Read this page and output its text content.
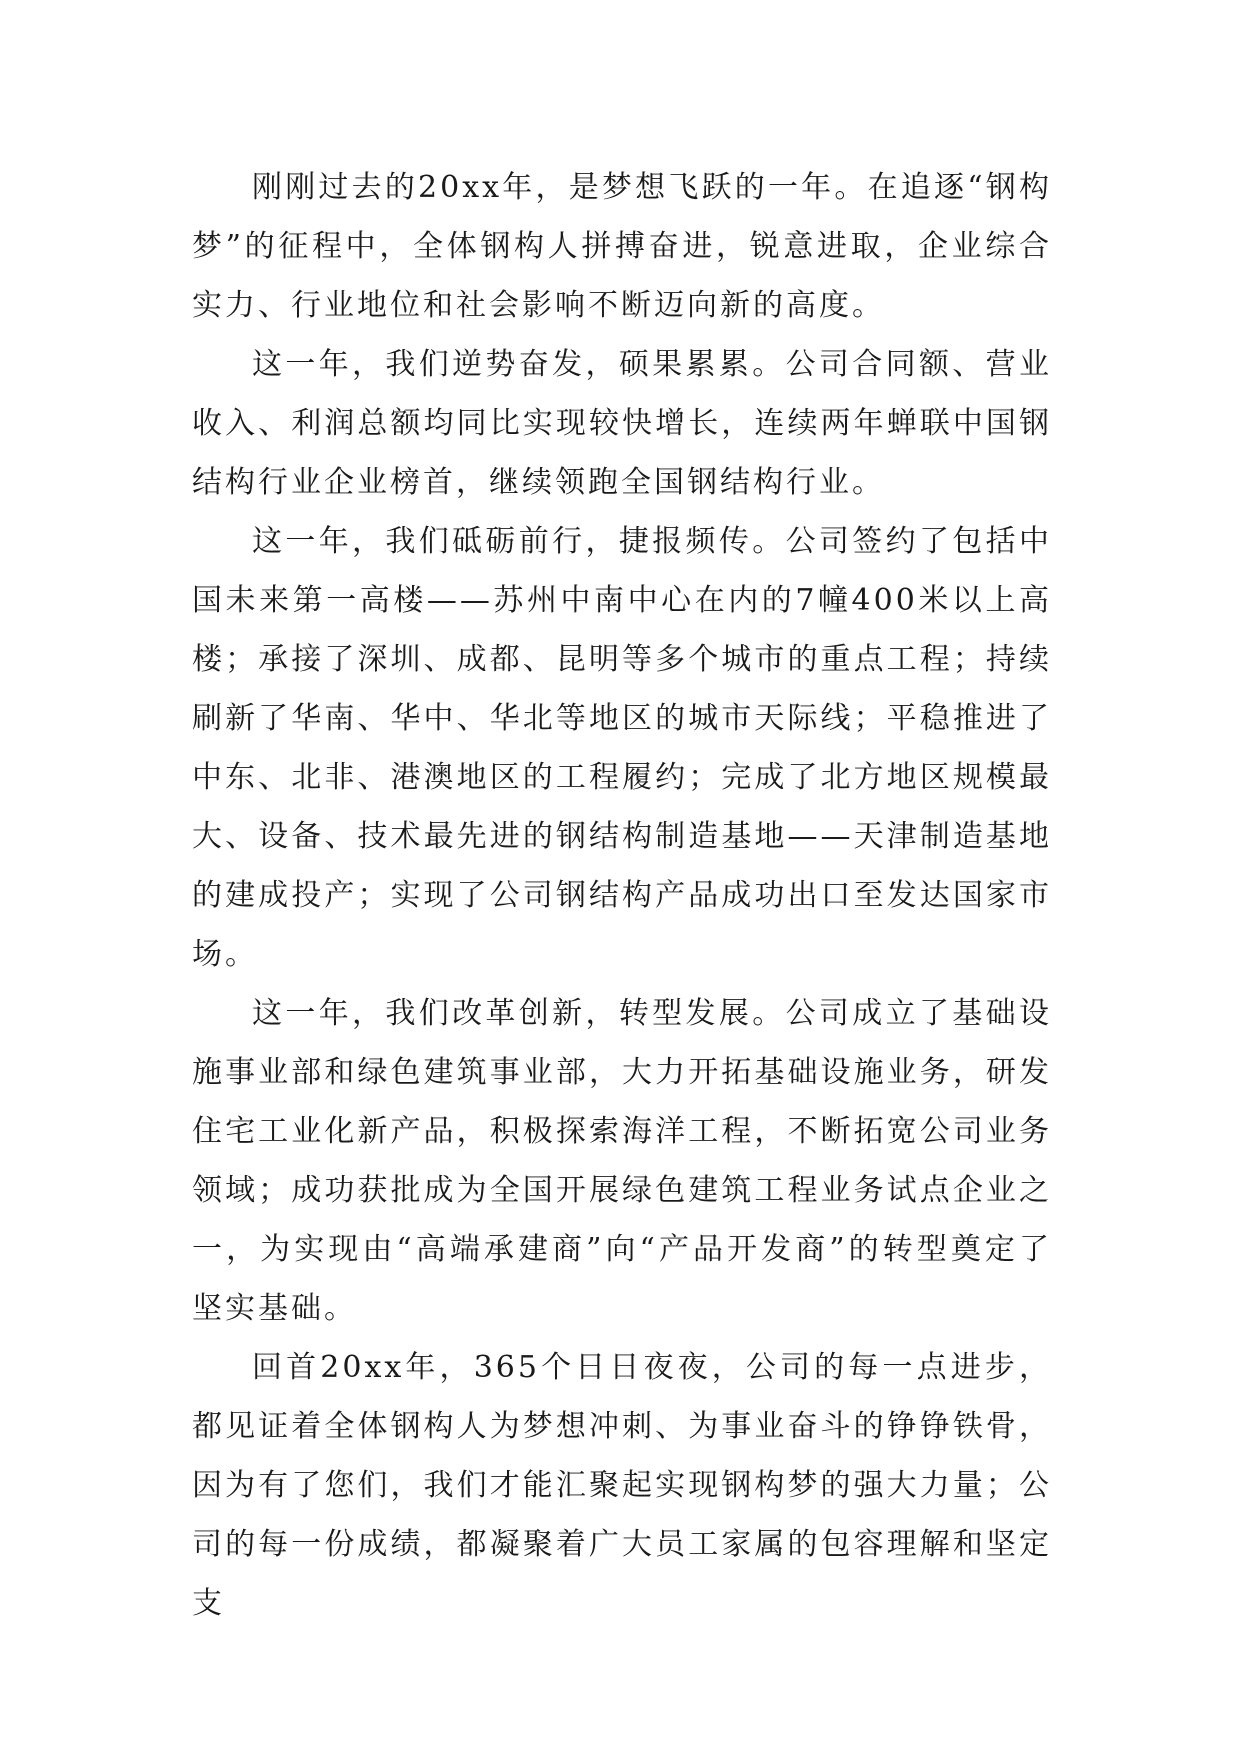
刚刚过去的20xx年，是梦想飞跃的一年。在追逐“钢构梦”的征程中，全体钢构人拼搏奋进，锐意进取，企业综合实力、行业地位和社会影响不断迈向新的高度。

这一年，我们逆势奋发，硕果累累。公司合同额、营业收入、利润总额均同比实现较快增长，连续两年蝉联中国钢结构行业企业榜首，继续领跑全国钢结构行业。

这一年，我们砥砺前行，捷报频传。公司签约了包括中国未来第一高楼——苏州中南中心在内的7幢400米以上高楼；承接了深圳、成都、昆明等多个城市的重点工程；持续刷新了华南、华中、华北等地区的城市天际线；平稳推进了中东、北非、港澳地区的工程履约；完成了北方地区规模最大、设备、技术最先进的钢结构制造基地——天津制造基地的建成投产；实现了公司钢结构产品成功出口至发达国家市场。

这一年，我们改革创新，转型发展。公司成立了基础设施事业部和绿色建筑事业部，大力开拓基础设施业务，研发住宅工业化新产品，积极探索海洋工程，不断拓宽公司业务领域；成功获批成为全国开展绿色建筑工程业务试点企业之一，为实现由“高端承建商”向“产品开发商”的转型奠定了坚实基础。

回首20xx年，365个日日夜夜，公司的每一点进步，都见证着全体钢构人为梦想冲刺、为事业奋斗的铮铮铁骨，因为有了您们，我们才能汇聚起实现钢构梦的强大力量；公司的每一份成绩，都凝聚着广大员工家属的包容理解和坚定支
